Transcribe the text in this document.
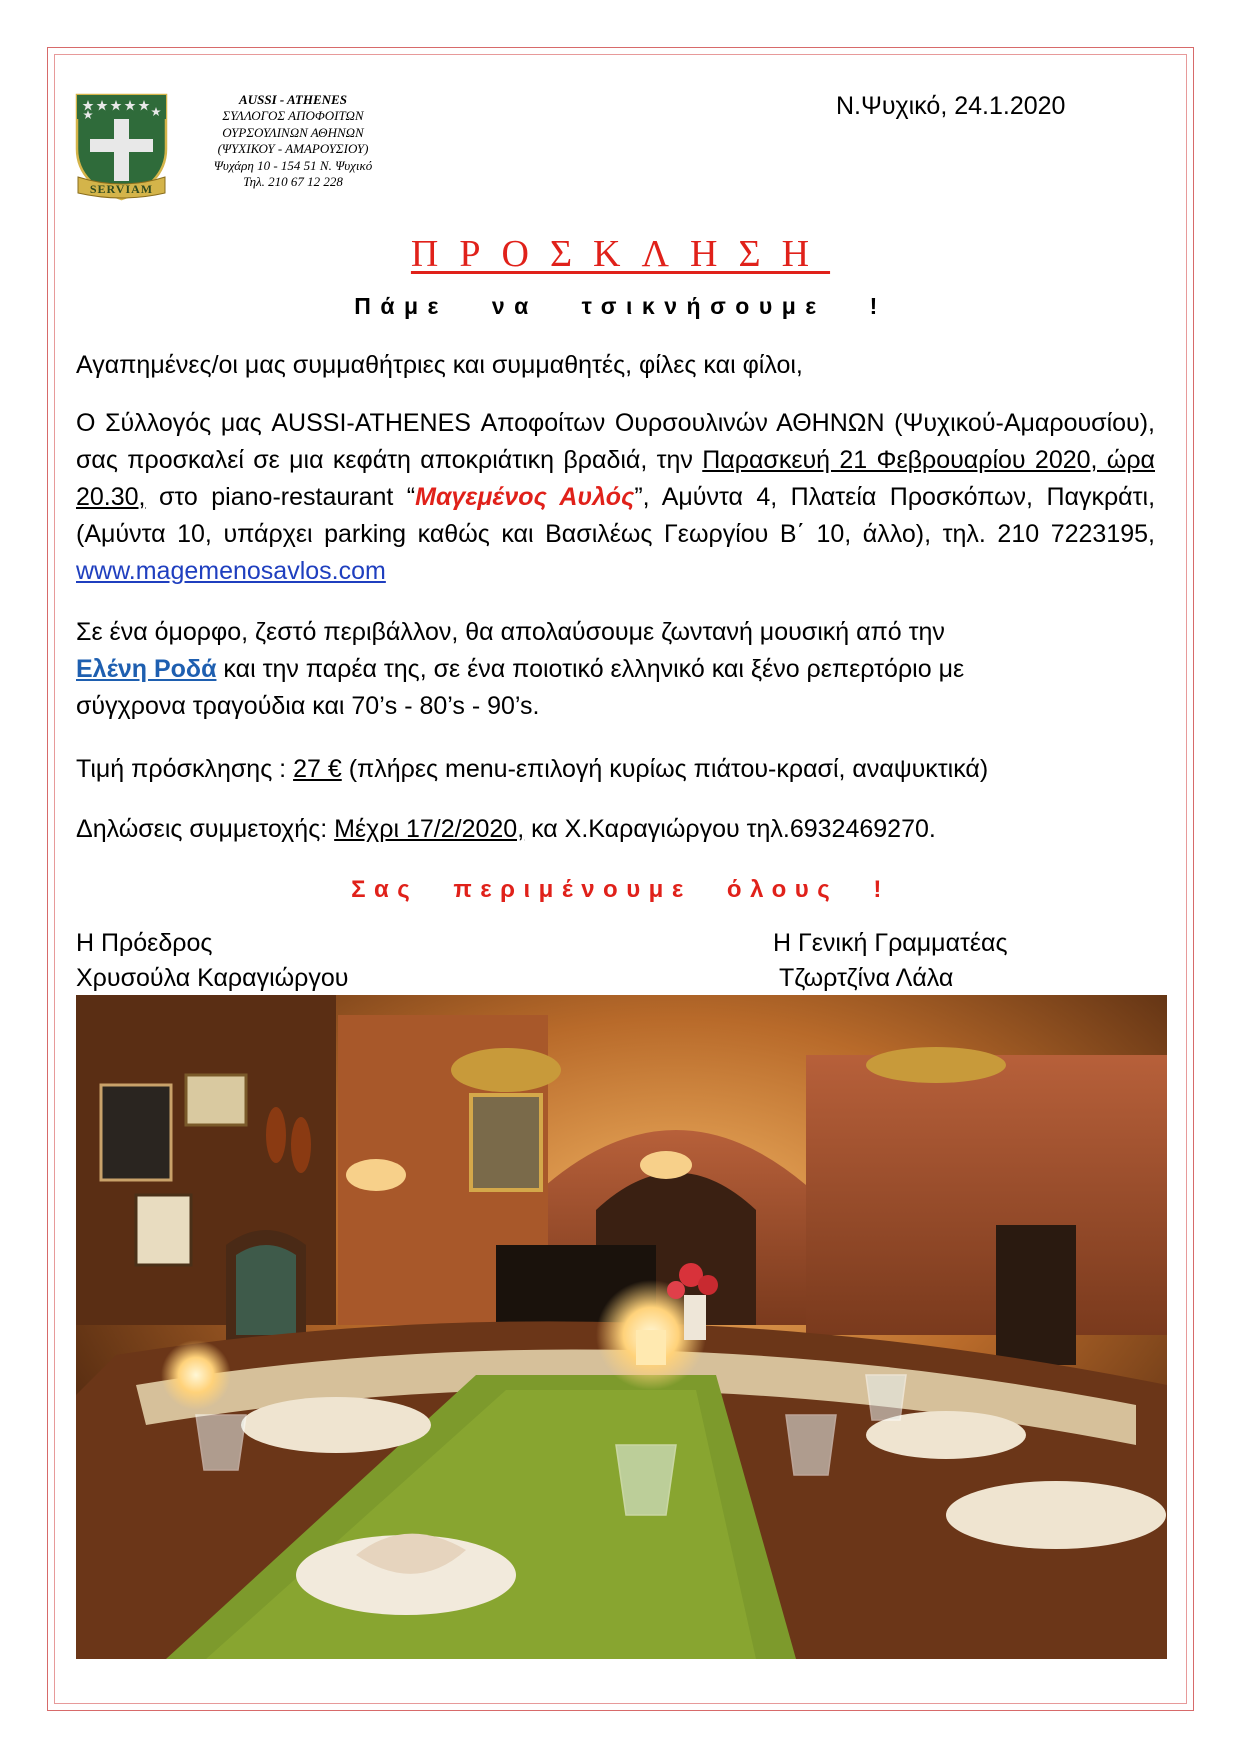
SERVIAM
AUSSI - ATHENES
ΣΥΛΛΟΓΟΣ ΑΠΟΦΟΙΤΩΝ
ΟΥΡΣΟΥΛΙΝΩΝ ΑΘΗΝΩΝ
(ΨΥΧΙΚΟΥ - ΑΜΑΡΟΥΣΙΟΥ)
Ψυχάρη 10 - 154 51 Ν. Ψυχικό
Τηλ. 210 67 12 228
Ν.Ψυχικό, 24.1.2020
ΠΡΟΣΚΛΗΣΗ
Πάμε να τσικνήσουμε !
Αγαπημένες/οι μας συμμαθήτριες και συμμαθητές, φίλες και φίλοι,
Ο Σύλλογός μας AUSSI-ATHENES Αποφοίτων Ουρσουλινών ΑΘΗΝΩΝ (Ψυχικού-Αμαρουσίου), σας προσκαλεί σε μια κεφάτη αποκριάτικη βραδιά, την Παρασκευή 21 Φεβρουαρίου 2020, ώρα 20.30, στο piano-restaurant “Μαγεμένος Αυλός”, Αμύντα 4, Πλατεία Προσκόπων, Παγκράτι, (Αμύντα 10, υπάρχει parking καθώς και Βασιλέως Γεωργίου Β΄ 10, άλλο), τηλ. 210 7223195, www.magemenosavlos.com
Σε ένα όμορφο, ζεστό περιβάλλον, θα απολαύσουμε ζωντανή μουσική από την
Ελένη Ροδά και την παρέα της, σε ένα ποιοτικό ελληνικό και ξένο ρεπερτόριο με
σύγχρονα τραγούδια και 70’s - 80’s - 90’s.
Τιμή πρόσκλησης : 27 € (πλήρες menu-επιλογή κυρίως πιάτου-κρασί, αναψυκτικά)
Δηλώσεις συμμετοχής: Μέχρι 17/2/2020, κα Χ.Καραγιώργου τηλ.6932469270.
Σας περιμένουμε όλους !
Η Πρόεδρος
Χρυσούλα Καραγιώργου
Η Γενική Γραμματέας
Τζωρτζίνα Λάλα
